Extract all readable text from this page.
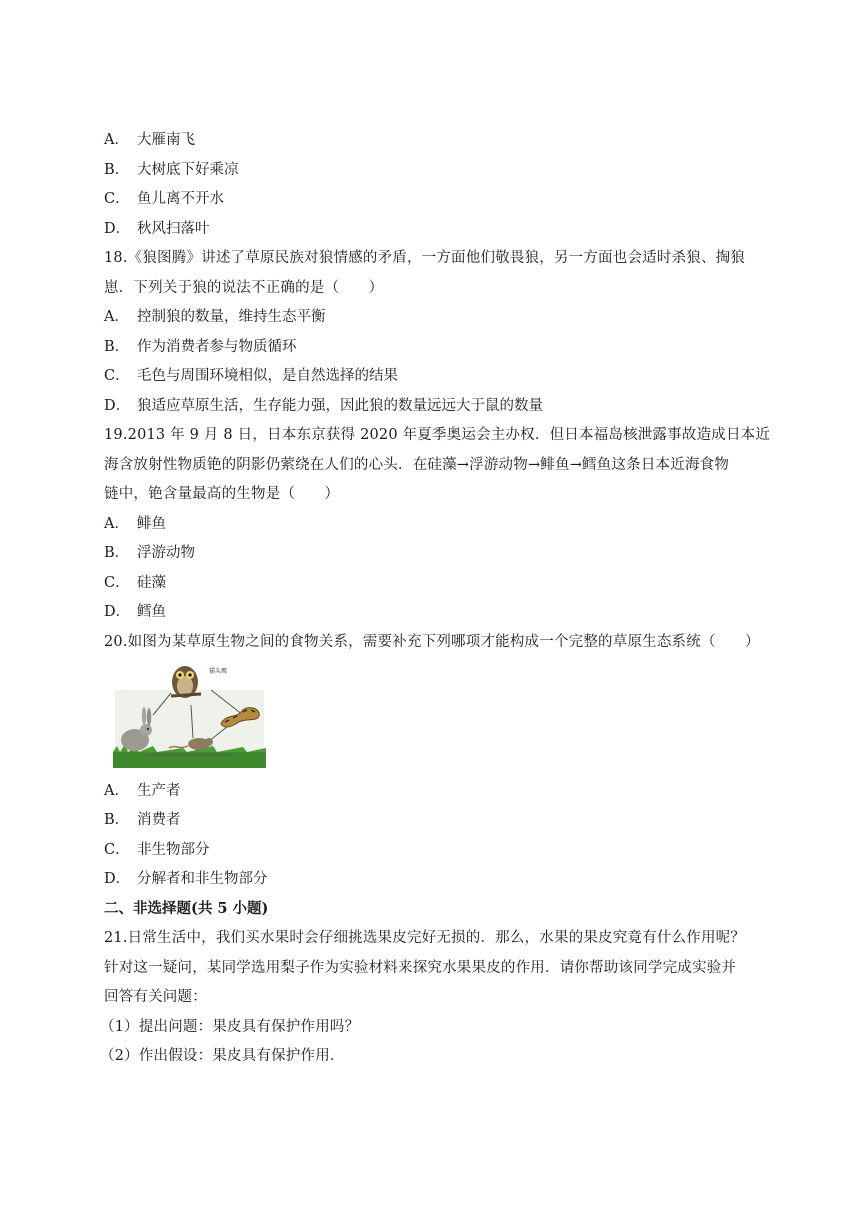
A． 大雁南飞
B． 大树底下好乘凉
C． 鱼儿离不开水
D． 秋风扫落叶
18.《狼图腾》讲述了草原民族对狼情感的矛盾，一方面他们敬畏狼，另一方面也会适时杀狼、掏狼
崽．下列关于狼的说法不正确的是（　　）
A． 控制狼的数量，维持生态平衡
B． 作为消费者参与物质循环
C． 毛色与周围环境相似，是自然选择的结果
D． 狼适应草原生活，生存能力强，因此狼的数量远远大于鼠的数量
19.2013 年 9 月 8 日，日本东京获得 2020 年夏季奥运会主办权．但日本福岛核泄露事故造成日本近
海含放射性物质铯的阴影仍萦绕在人们的心头．在硅藻→浮游动物→鲱鱼→鳕鱼这条日本近海食物
链中，铯含量最高的生物是（　　）
A． 鲱鱼
B． 浮游动物
C． 硅藻
D． 鳕鱼
20.如图为某草原生物之间的食物关系，需要补充下列哪项才能构成一个完整的草原生态系统（　　）
猫头鹰
A． 生产者
B． 消费者
C． 非生物部分
D． 分解者和非生物部分
二、非选择题(共 5 小题)
21.日常生活中，我们买水果时会仔细挑选果皮完好无损的．那么，水果的果皮究竟有什么作用呢？
针对这一疑问，某同学选用梨子作为实验材料来探究水果果皮的作用．请你帮助该同学完成实验并
回答有关问题：
（1）提出问题：果皮具有保护作用吗？
（2）作出假设：果皮具有保护作用．
